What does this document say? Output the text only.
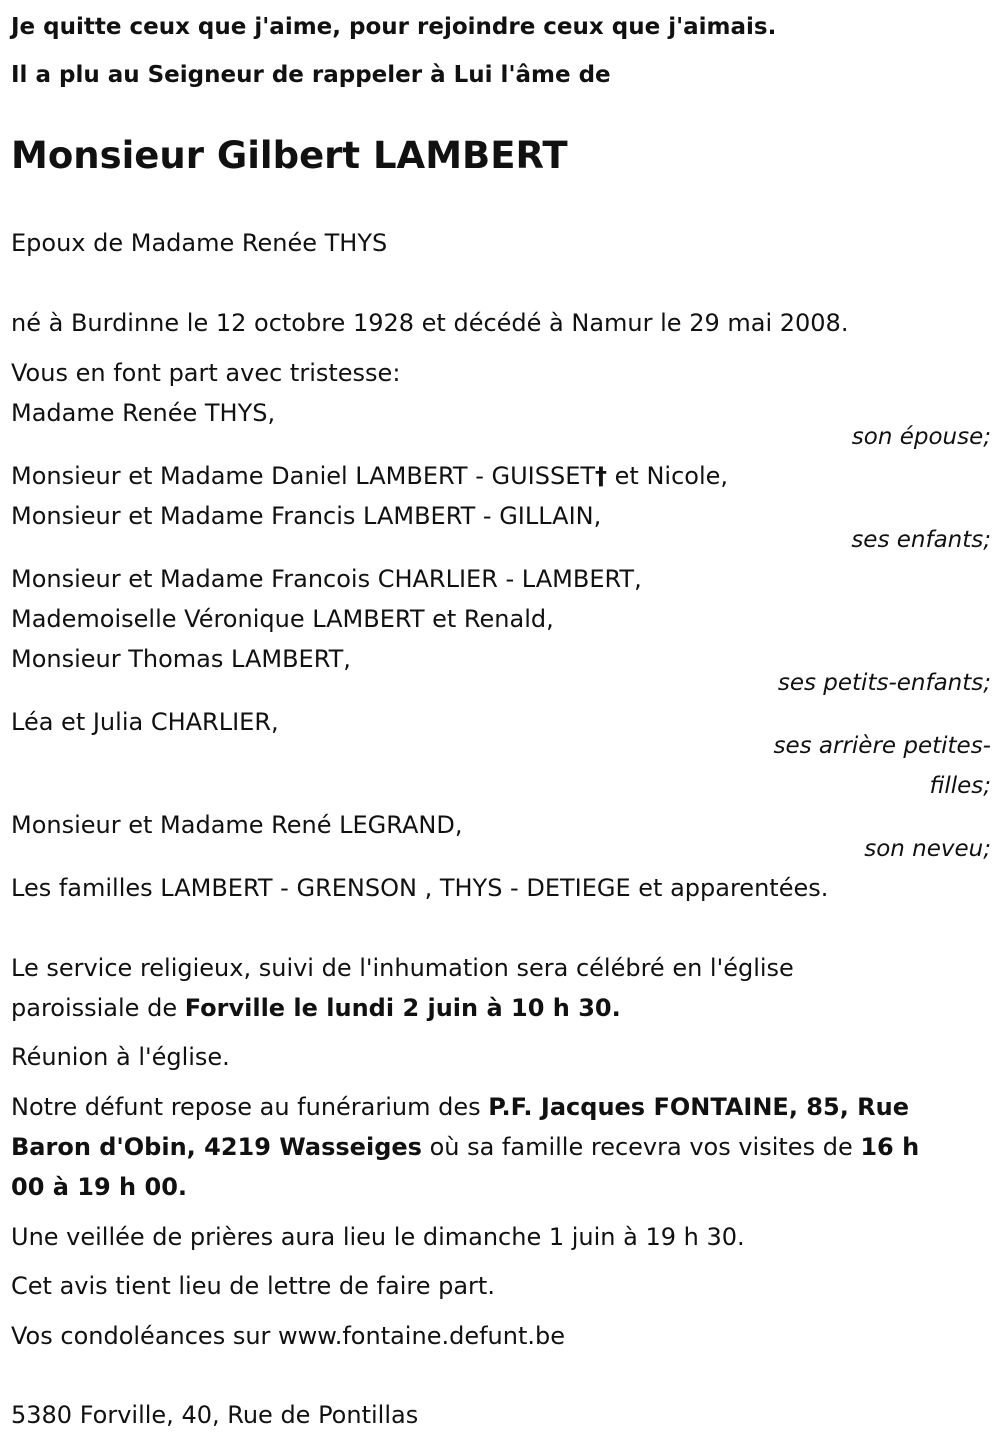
Je quitte ceux que j'aime, pour rejoindre ceux que j'aimais.
Il a plu au Seigneur de rappeler à Lui l'âme de
Monsieur Gilbert LAMBERT
Epoux de Madame Renée THYS
né à Burdinne le 12 octobre 1928 et décédé à Namur le 29 mai 2008.
Vous en font part avec tristesse:
Madame Renée THYS,
son épouse;
Monsieur et Madame Daniel LAMBERT - GUISSET† et Nicole,
Monsieur et Madame Francis LAMBERT - GILLAIN,
ses enfants;
Monsieur et Madame Francois CHARLIER - LAMBERT,
Mademoiselle Véronique LAMBERT et Renald,
Monsieur Thomas LAMBERT,
ses petits-enfants;
Léa et Julia CHARLIER,
ses arrière petites-
filles;
Monsieur et Madame René LEGRAND,
son neveu;
Les familles LAMBERT - GRENSON , THYS - DETIEGE et apparentées.
Le service religieux, suivi de l'inhumation sera célébré en l'église
paroissiale de Forville le lundi 2 juin à 10 h 30.
Réunion à l'église.
Notre défunt repose au funérarium des P.F. Jacques FONTAINE, 85, Rue
Baron d'Obin, 4219 Wasseiges où sa famille recevra vos visites de 16 h
00 à 19 h 00.
Une veillée de prières aura lieu le dimanche 1 juin à 19 h 30.
Cet avis tient lieu de lettre de faire part.
Vos condoléances sur www.fontaine.defunt.be
5380 Forville, 40, Rue de Pontillas
